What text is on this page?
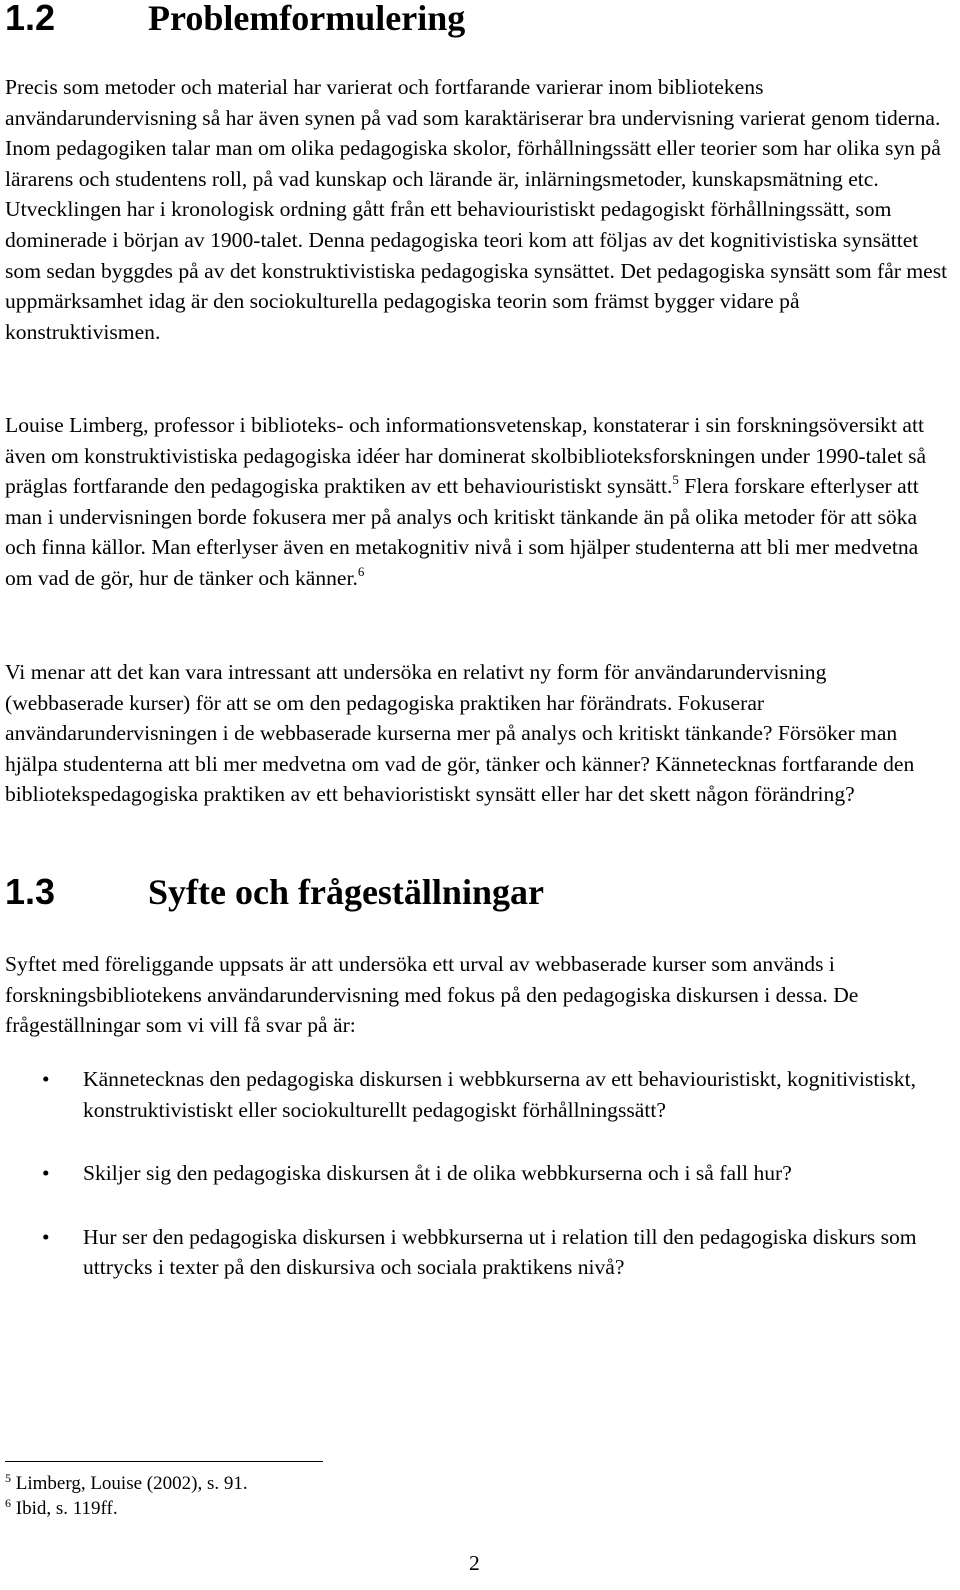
1.2	Problemformulering

Precis som metoder och material har varierat och fortfarande varierar inom bibliotekens användarundervisning så har även synen på vad som karaktäriserar bra undervisning varierat genom tiderna. Inom pedagogiken talar man om olika pedagogiska skolor, förhållningssätt eller teorier som har olika syn på lärarens och studentens roll, på vad kunskap och lärande är, inlärningsmetoder, kunskapsmätning etc. Utvecklingen har i kronologisk ordning gått från ett behaviouristiskt pedagogiskt förhållningssätt, som dominerade i början av 1900-talet. Denna pedagogiska teori kom att följas av det kognitivistiska synsättet som sedan byggdes på av det konstruktivistiska pedagogiska synsättet. Det pedagogiska synsätt som får mest uppmärksamhet idag är den sociokulturella pedagogiska teorin som främst bygger vidare på konstruktivismen.

Louise Limberg, professor i biblioteks- och informationsvetenskap, konstaterar i sin forskningsöversikt att även om konstruktivistiska pedagogiska idéer har dominerat skolbiblioteksforskningen under 1990-talet så präglas fortfarande den pedagogiska praktiken av ett behaviouristiskt synsätt.$^5$ Flera forskare efterlyser att man i undervisningen borde fokusera mer på analys och kritiskt tänkande än på olika metoder för att söka och finna källor. Man efterlyser även en metakognitiv nivå i som hjälper studenterna att bli mer medvetna om vad de gör, hur de tänker och känner.$^6$

Vi menar att det kan vara intressant att undersöka en relativt ny form för användarundervisning (webbaserade kurser) för att se om den pedagogiska praktiken har förändrats. Fokuserar användarundervisningen i de webbaserade kurserna mer på analys och kritiskt tänkande? Försöker man hjälpa studenterna att bli mer medvetna om vad de gör, tänker och känner? Kännetecknas fortfarande den bibliotekspedagogiska praktiken av ett behavioristiskt synsätt eller har det skett någon förändring?

1.3	Syfte och frågeställningar

Syftet med föreliggande uppsats är att undersöka ett urval av webbaserade kurser som används i forskningsbibliotekens användarundervisning med fokus på den pedagogiska diskursen i dessa. De frågeställningar som vi vill få svar på är:

• Kännetecknas den pedagogiska diskursen i webbkurserna av ett behaviouristiskt, kognitivistiskt, konstruktivistiskt eller sociokulturellt pedagogiskt förhållningssätt?
• Skiljer sig den pedagogiska diskursen åt i de olika webbkurserna och i så fall hur?
• Hur ser den pedagogiska diskursen i webbkurserna ut i relation till den pedagogiska diskurs som uttrycks i texter på den diskursiva och sociala praktikens nivå?
$^5$ Limberg, Louise (2002), s. 91.
$^6$ Ibid, s. 119ff.
2
